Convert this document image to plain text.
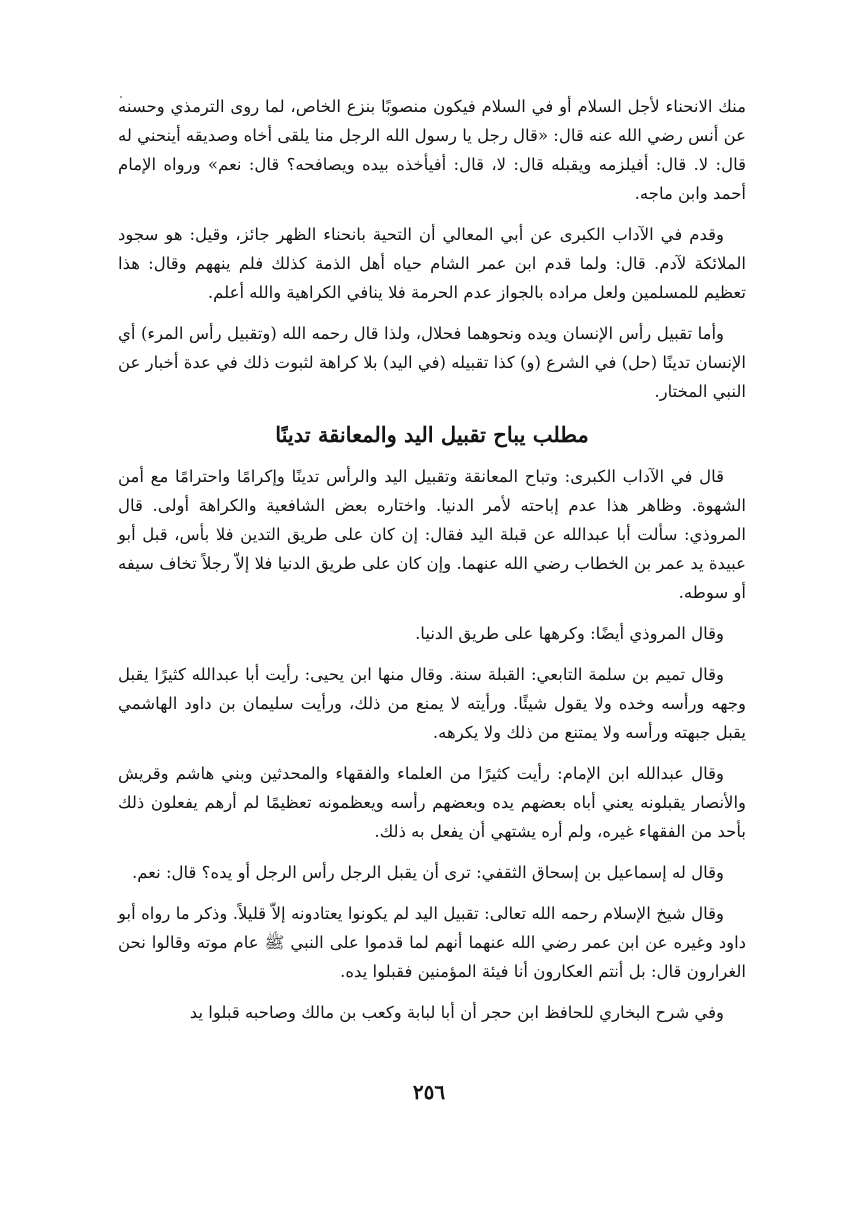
منك الانحناء لأجل السلام أو في السلام فيكون منصوبًا بنزع الخاص، لما روى الترمذي وحسنه عن أنس رضي الله عنه قال: «قال رجل يا رسول الله الرجل منا يلقى أخاه وصديقه أينحني له قال: لا. قال: أفيلزمه ويقبله قال: لا، قال: أفيأخذه بيده ويصافحه؟ قال: نعم» ورواه الإمام أحمد وابن ماجه.

وقدم في الآداب الكبرى عن أبي المعالي أن التحية بانحناء الظهر جائز، وقيل: هو سجود الملائكة لآدم. قال: ولما قدم ابن عمر الشام حياه أهل الذمة كذلك فلم ينههم وقال: هذا تعظيم للمسلمين ولعل مراده بالجواز عدم الحرمة فلا ينافي الكراهية والله أعلم.

وأما تقبيل رأس الإنسان ويده ونحوهما فحلال، ولذا قال رحمه الله (وتقبيل رأس المرء) أي الإنسان تدينًا (حل) في الشرع (و) كذا تقبيله (في اليد) بلا كراهة لثبوت ذلك في عدة أخبار عن النبي المختار.

مطلب يباح تقبيل اليد والمعانقة تدينًا

قال في الآداب الكبرى: وتباح المعانقة وتقبيل اليد والرأس تدينًا وإكرامًا واحترامًا مع أمن الشهوة. وظاهر هذا عدم إباحته لأمر الدنيا. واختاره بعض الشافعية والكراهة أولى. قال المروذي: سألت أبا عبدالله عن قبلة اليد فقال: إن كان على طريق التدين فلا بأس، قبل أبو عبيدة يد عمر بن الخطاب رضي الله عنهما. وإن كان على طريق الدنيا فلا إلاّ رجلاً تخاف سيفه أو سوطه.

وقال المروذي أيضًا: وكرهها على طريق الدنيا.

وقال تميم بن سلمة التابعي: القبلة سنة. وقال منها ابن يحيى: رأيت أبا عبدالله كثيرًا يقبل وجهه ورأسه وخده ولا يقول شيئًا. ورأيته لا يمنع من ذلك، ورأيت سليمان بن داود الهاشمي يقبل جبهته ورأسه ولا يمتنع من ذلك ولا يكرهه.

وقال عبدالله ابن الإمام: رأيت كثيرًا من العلماء والفقهاء والمحدثين وبني هاشم وقريش والأنصار يقبلونه يعني أباه بعضهم يده وبعضهم رأسه ويعظمونه تعظيمًا لم أرهم يفعلون ذلك بأحد من الفقهاء غيره، ولم أره يشتهي أن يفعل به ذلك.

وقال له إسماعيل بن إسحاق الثقفي: ترى أن يقبل الرجل رأس الرجل أو يده؟ قال: نعم.

وقال شيخ الإسلام رحمه الله تعالى: تقبيل اليد لم يكونوا يعتادونه إلاّ قليلاً. وذكر ما رواه أبو داود وغيره عن ابن عمر رضي الله عنهما أنهم لما قدموا على النبي ﷺ عام موته وقالوا نحن الغرارون قال: بل أنتم العكارون أنا فيئة المؤمنين فقبلوا يده.

وفي شرح البخاري للحافظ ابن حجر أن أبا لبابة وكعب بن مالك وصاحبه قبلوا يد

٢٥٦
